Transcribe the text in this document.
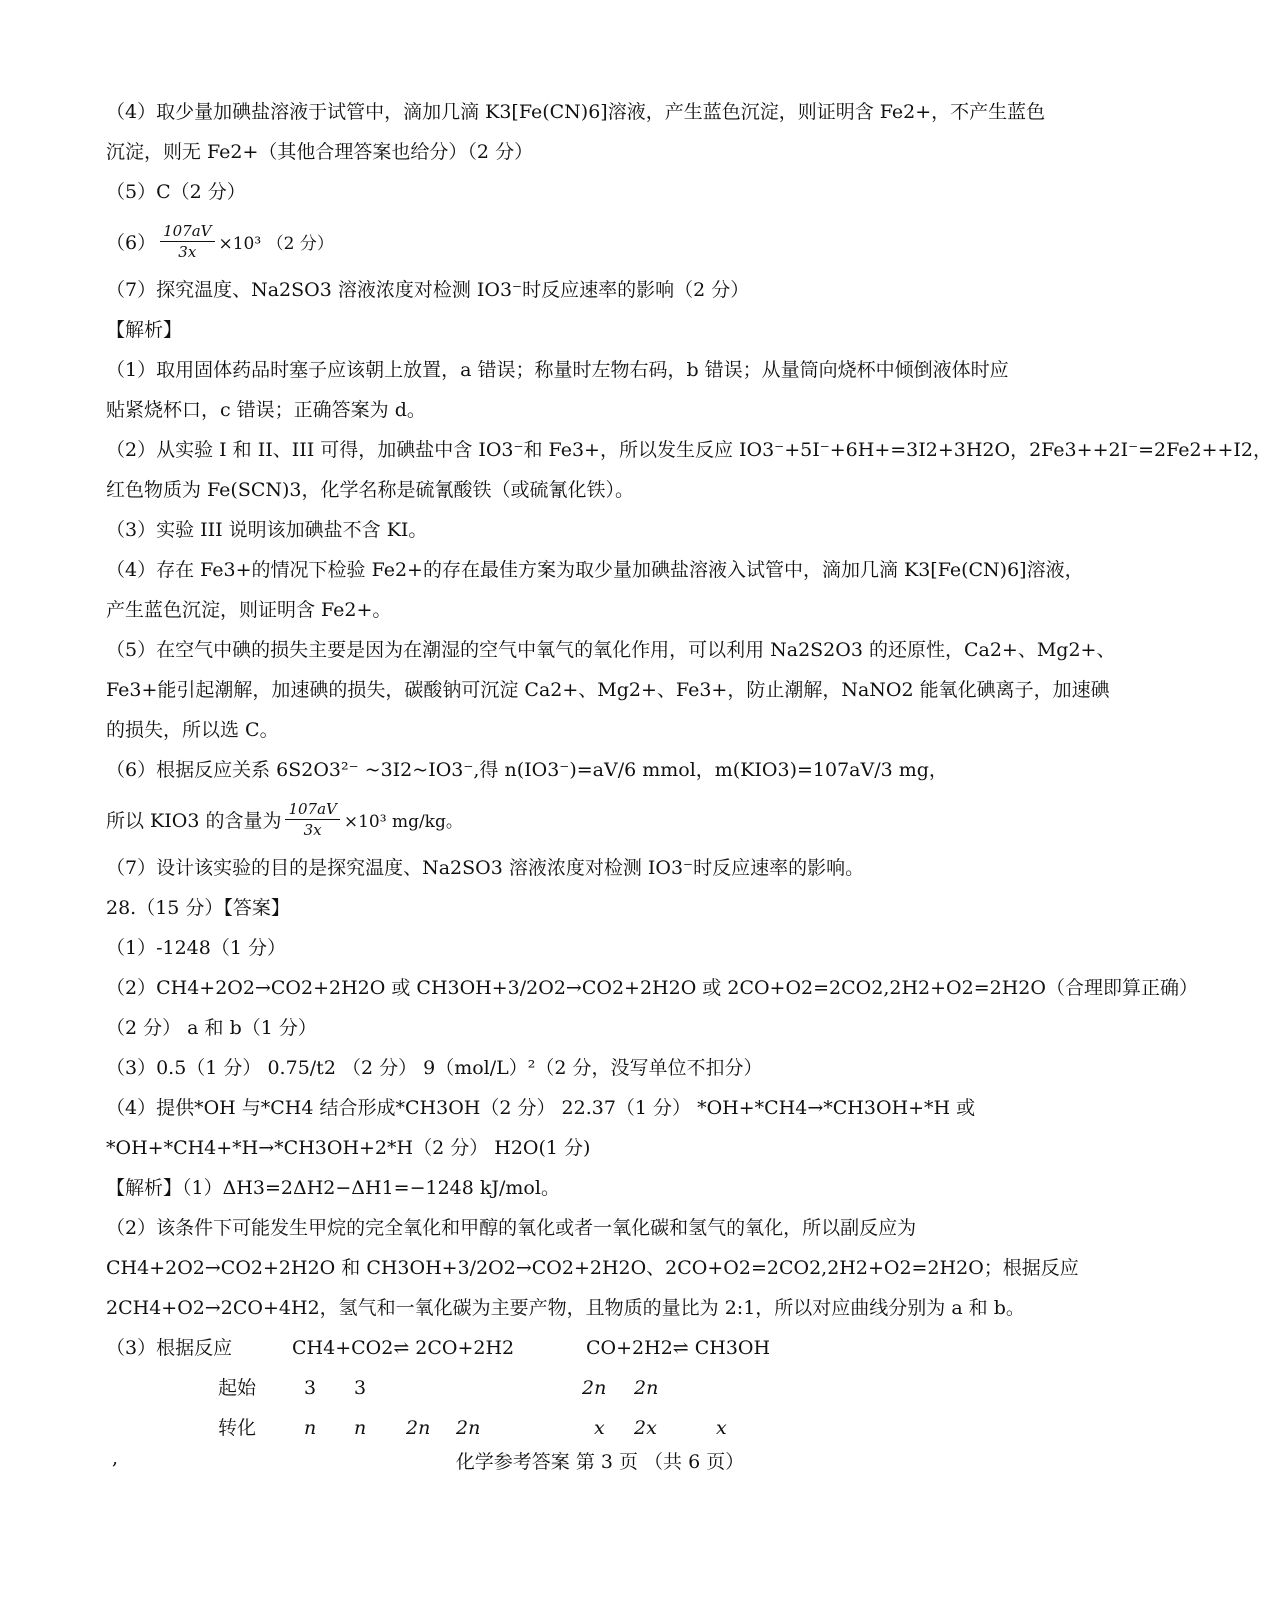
（4）取少量加碘盐溶液于试管中，滴加几滴 K3[Fe(CN)6]溶液，产生蓝色沉淀，则证明含 Fe2+，不产生蓝色
沉淀，则无 Fe2+（其他合理答案也给分）（2 分）
（5）C（2 分）
$(6) \frac{107aV}{3x} \times 10^3$ （2 分）
（7）探究温度、Na2SO3 溶液浓度对检测 IO3⁻时反应速率的影响（2 分）
【解析】
（1）取用固体药品时塞子应该朝上放置，a 错误；称量时左物右码，b 错误；从量筒向烧杯中倾倒液体时应
贴紧烧杯口，c 错误；正确答案为 d。
（2）从实验 I 和 II、III 可得，加碘盐中含 IO3⁻和 Fe3+，所以发生反应 IO3⁻+5I⁻+6H+=3I2+3H2O，2Fe3++2I⁻=2Fe2++I2，
红色物质为 Fe(SCN)3，化学名称是硫氰酸铁（或硫氰化铁）。
（3）实验 III 说明该加碘盐不含 KI。
（4）存在 Fe3+的情况下检验 Fe2+的存在最佳方案为取少量加碘盐溶液入试管中，滴加几滴 K3[Fe(CN)6]溶液，
产生蓝色沉淀，则证明含 Fe2+。
（5）在空气中碘的损失主要是因为在潮湿的空气中氧气的氧化作用，可以利用 Na2S2O3 的还原性，Ca2+、Mg2+、
Fe3+能引起潮解，加速碘的损失，碳酸钠可沉淀 Ca2+、Mg2+、Fe3+，防止潮解，NaNO2 能氧化碘离子，加速碘
的损失，所以选 C。
（6）根据反应关系 6S2O3²⁻ ~3I2~IO3⁻,得 n(IO3⁻)=aV/6 mmol，m(KIO3)=107aV/3 mg，
所以 KIO3 的含量为 $\frac{107aV}{3x} \times 10^3$ mg/kg。
（7）设计该实验的目的是探究温度、Na2SO3 溶液浓度对检测 IO3⁻时反应速率的影响。
28.（15 分）【答案】
（1）-1248（1 分）
（2）CH4+2O2→CO2+2H2O 或 CH3OH+3/2O2→CO2+2H2O 或 2CO+O2=2CO2,2H2+O2=2H2O（合理即算正确）
（2 分） a 和 b（1 分）
（3）0.5（1 分） 0.75/t2 （2 分） 9（mol/L）²（2 分，没写单位不扣分）
（4）提供*OH 与*CH4 结合形成*CH3OH（2 分） 22.37（1 分） *OH+*CH4→*CH3OH+*H 或
*OH+*CH4+*H→*CH3OH+2*H（2 分） H2O(1 分)
【解析】（1）ΔH3=2ΔH2−ΔH1=−1248 kJ/mol。
（2）该条件下可能发生甲烷的完全氧化和甲醇的氧化或者一氧化碳和氢气的氧化，所以副反应为
CH4+2O2→CO2+2H2O 和 CH3OH+3/2O2→CO2+2H2O、2CO+O2=2CO2,2H2+O2=2H2O；根据反应
2CH4+O2→2CO+4H2，氢气和一氧化碳为主要产物，且物质的量比为 2:1，所以对应曲线分别为 a 和 b。
（3）根据反应	CH4+CO2⇌ 2CO+2H2	CO+2H2⇌ CH3OH
起始	3 3	2n 2n
转化	n n 2n 2n	x 2x	x
,	化学参考答案 第 3 页 （共 6 页）
